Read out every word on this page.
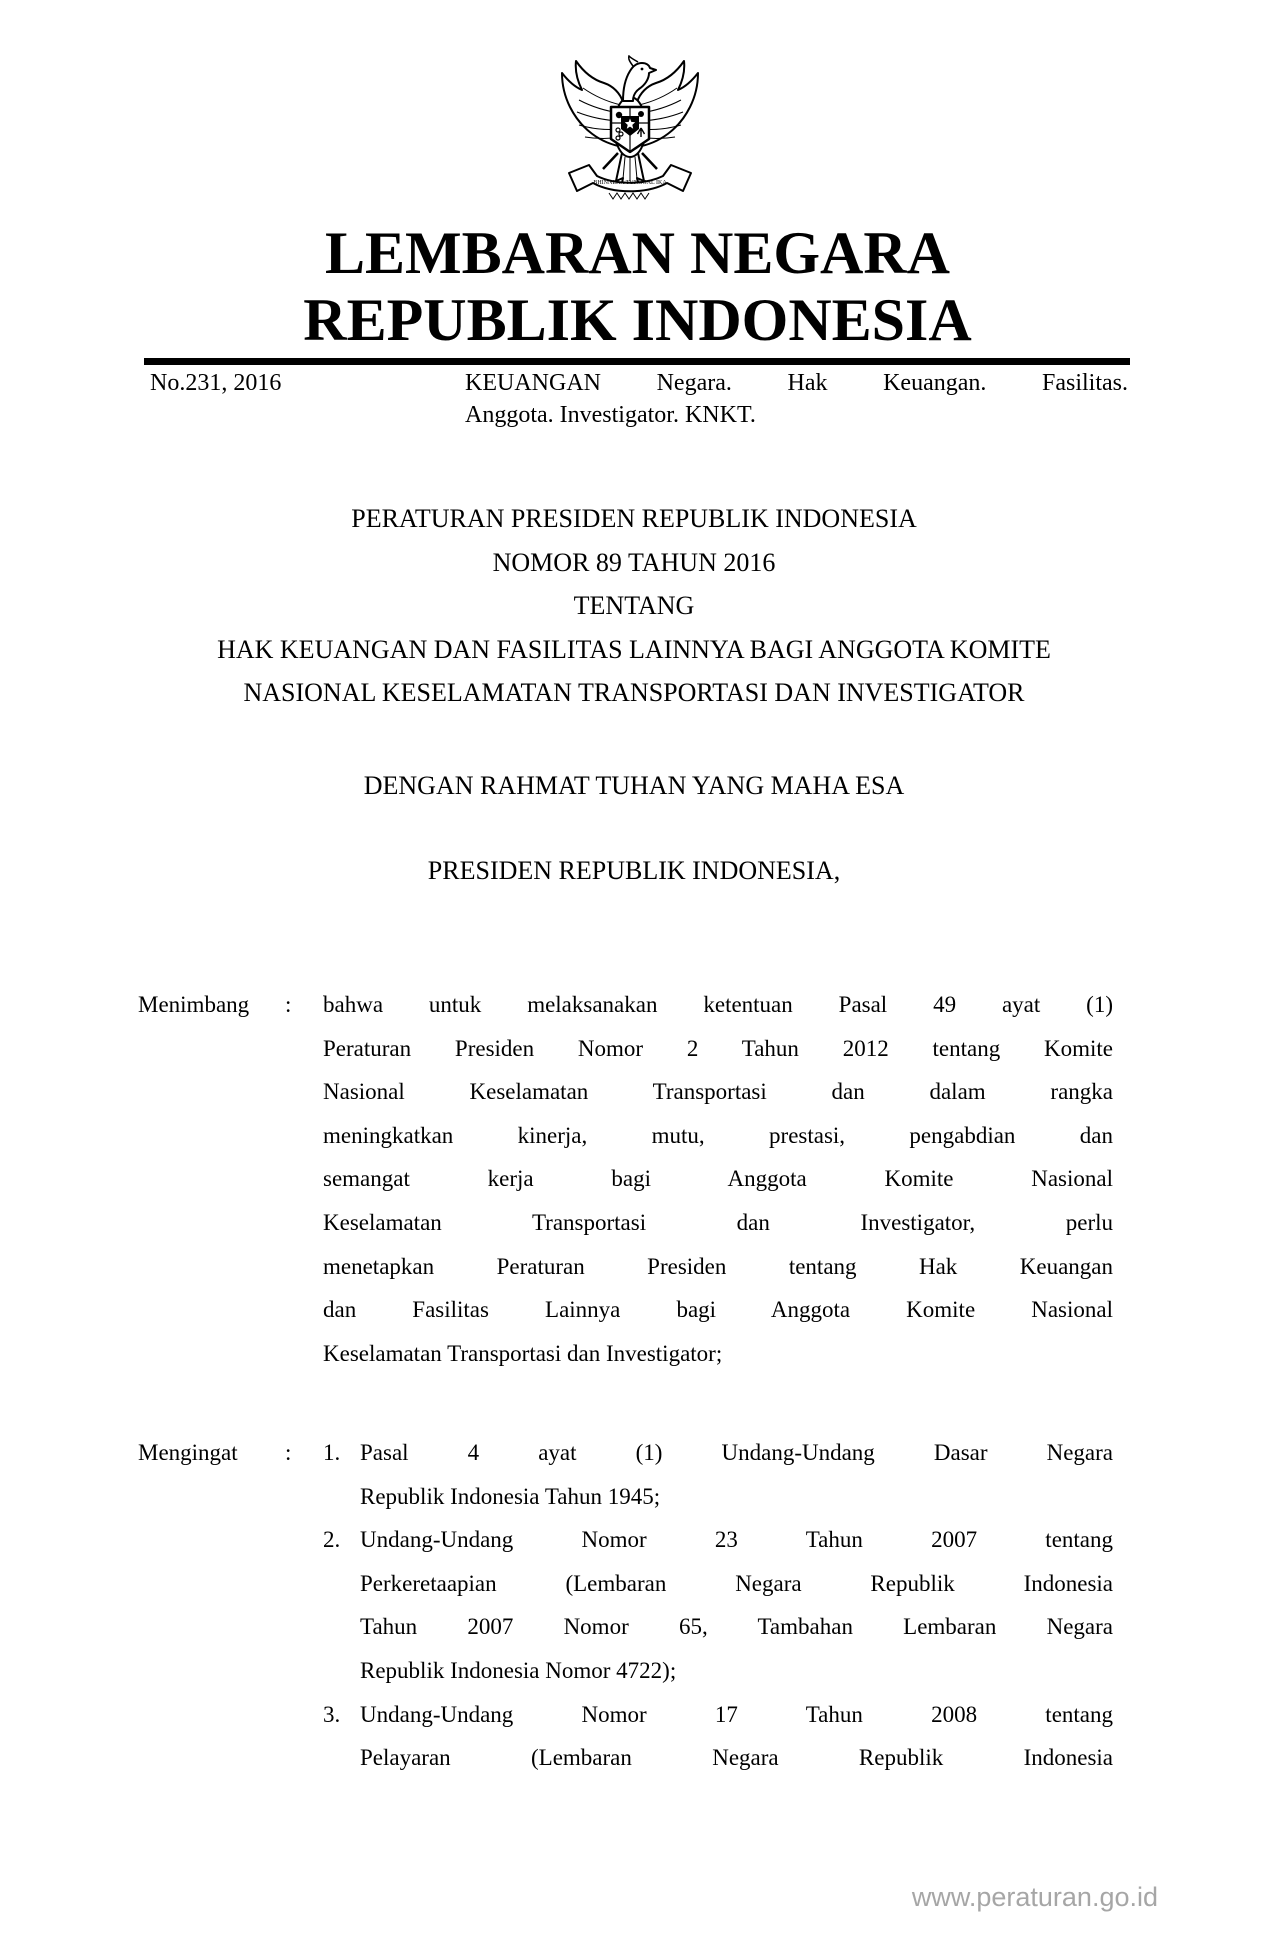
BHINNEKA TUNGGAL IKA
LEMBARAN NEGARA
REPUBLIK INDONESIA
No.231, 2016	KEUANGAN Negara. Hak Keuangan. Fasilitas.
Anggota. Investigator. KNKT.
PERATURAN PRESIDEN REPUBLIK INDONESIA
NOMOR 89 TAHUN 2016
TENTANG
HAK KEUANGAN DAN FASILITAS LAINNYA BAGI ANGGOTA KOMITE
NASIONAL KESELAMATAN TRANSPORTASI DAN INVESTIGATOR
DENGAN RAHMAT TUHAN YANG MAHA ESA
PRESIDEN REPUBLIK INDONESIA,
Menimbang	:	bahwa untuk melaksanakan ketentuan Pasal 49 ayat (1)
Peraturan Presiden Nomor 2 Tahun 2012 tentang Komite
Nasional Keselamatan Transportasi dan dalam rangka
meningkatkan kinerja, mutu, prestasi, pengabdian dan
semangat kerja bagi Anggota Komite Nasional
Keselamatan Transportasi dan Investigator, perlu
menetapkan Peraturan Presiden tentang Hak Keuangan
dan Fasilitas Lainnya bagi Anggota Komite Nasional
Keselamatan Transportasi dan Investigator;
Mengingat	:	1. Pasal 4 ayat (1) Undang-Undang Dasar Negara
Republik Indonesia Tahun 1945;
2. Undang-Undang Nomor 23 Tahun 2007 tentang
Perkeretaapian (Lembaran Negara Republik Indonesia
Tahun 2007 Nomor 65, Tambahan Lembaran Negara
Republik Indonesia Nomor 4722);
3. Undang-Undang Nomor 17 Tahun 2008 tentang
Pelayaran (Lembaran Negara Republik Indonesia
www.peraturan.go.id
